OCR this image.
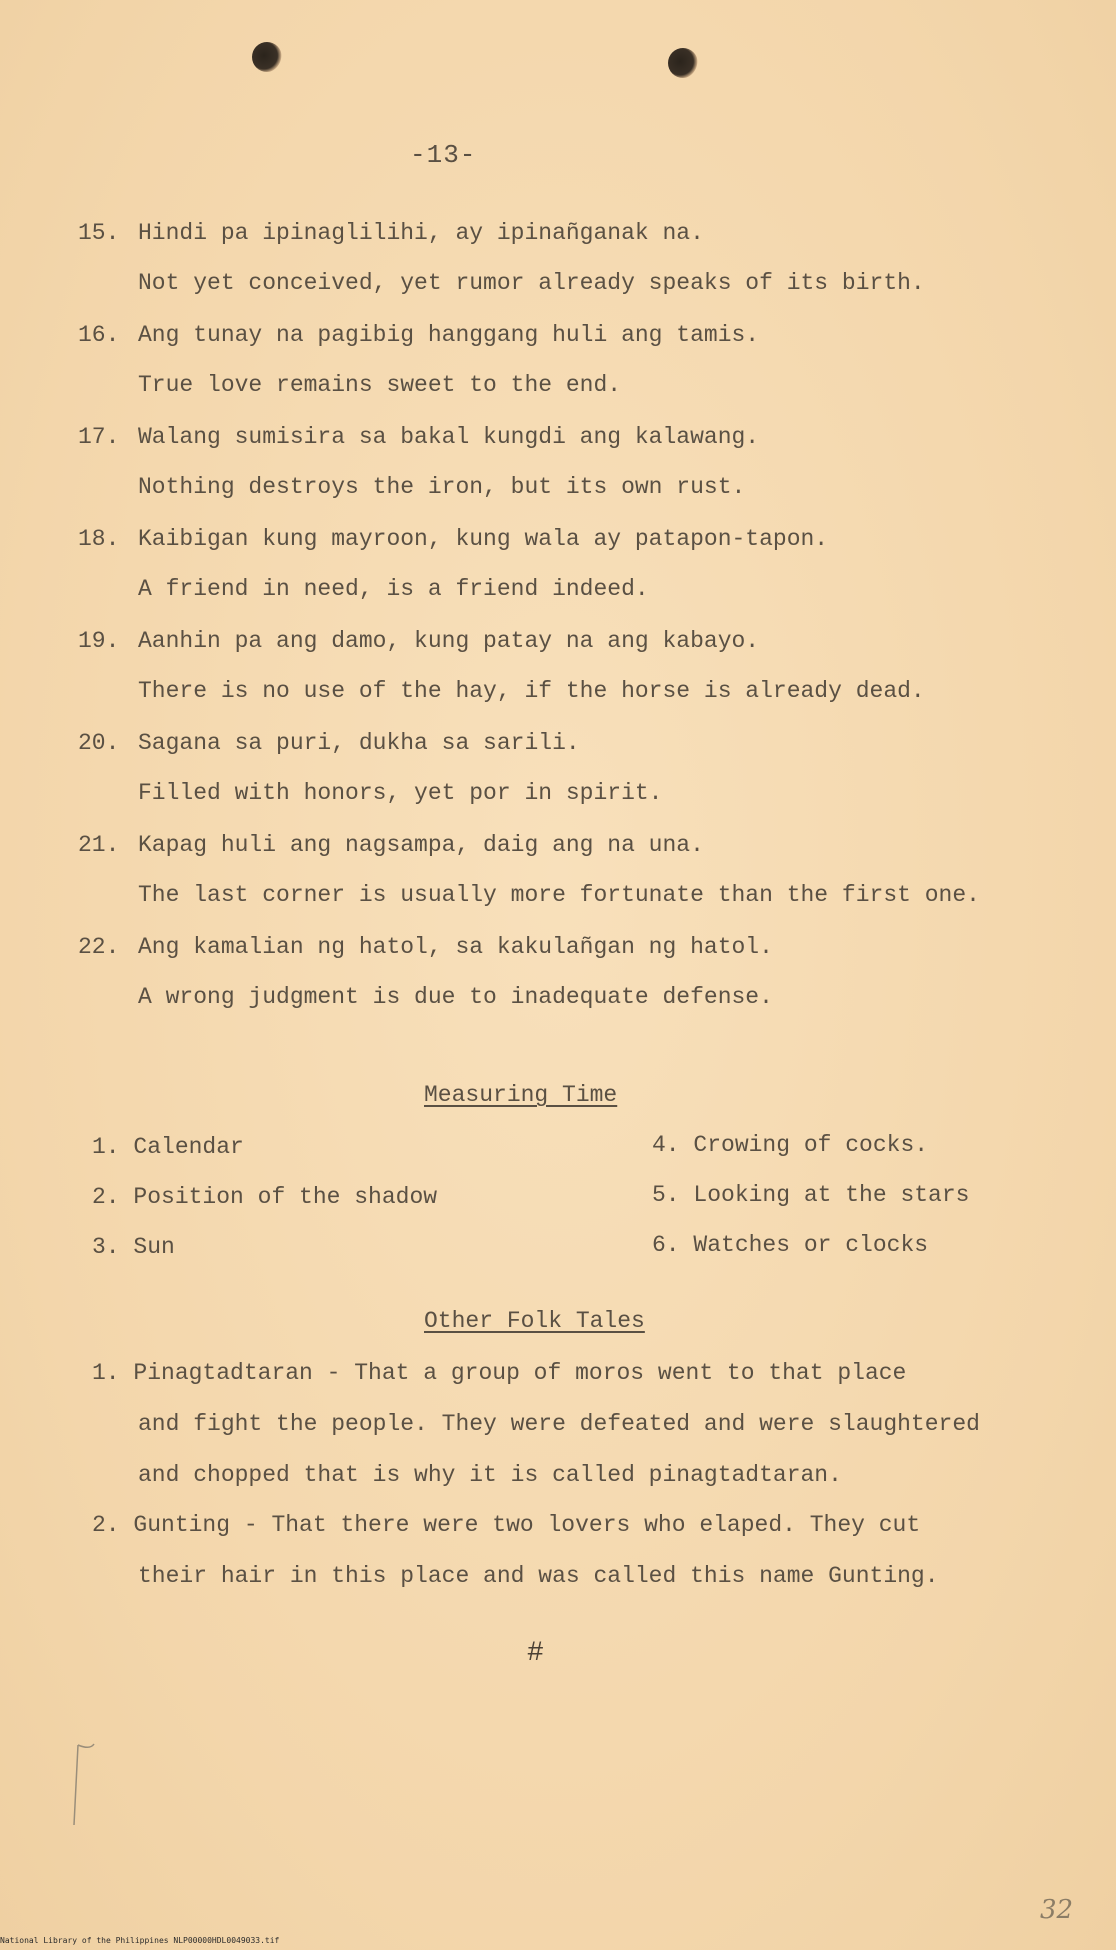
-13-
15. Hindi pa ipinaglilihi, ay ipinañganak na.
Not yet conceived, yet rumor already speaks of its birth.
16. Ang tunay na pagibig hanggang huli ang tamis.
True love remains sweet to the end.
17. Walang sumisira sa bakal kungdi ang kalawang.
Nothing destroys the iron, but its own rust.
18. Kaibigan kung mayroon, kung wala ay patapon-tapon.
A friend in need, is a friend indeed.
19. Aanhin pa ang damo, kung patay na ang kabayo.
There is no use of the hay, if the horse is already dead.
20. Sagana sa puri, dukha sa sarili.
Filled with honors, yet por in spirit.
21. Kapag huli ang nagsampa, daig ang na una.
The last corner is usually more fortunate than the first one.
22. Ang kamalian ng hatol, sa kakulañgan ng hatol.
A wrong judgment is due to inadequate defense.
Measuring Time
1. Calendar
2. Position of the shadow
3. Sun
4. Crowing of cocks.
5. Looking at the stars
6. Watches or clocks
Other Folk Tales
1. Pinagtadtaran - That a group of moros went to that place
and fight the people. They were defeated and were slaughtered
and chopped that is why it is called pinagtadtaran.
2. Gunting - That there were two lovers who elaped. They cut
their hair in this place and was called this name Gunting.
#
32
National Library of the Philippines NLP00000HDL0049033.tif
